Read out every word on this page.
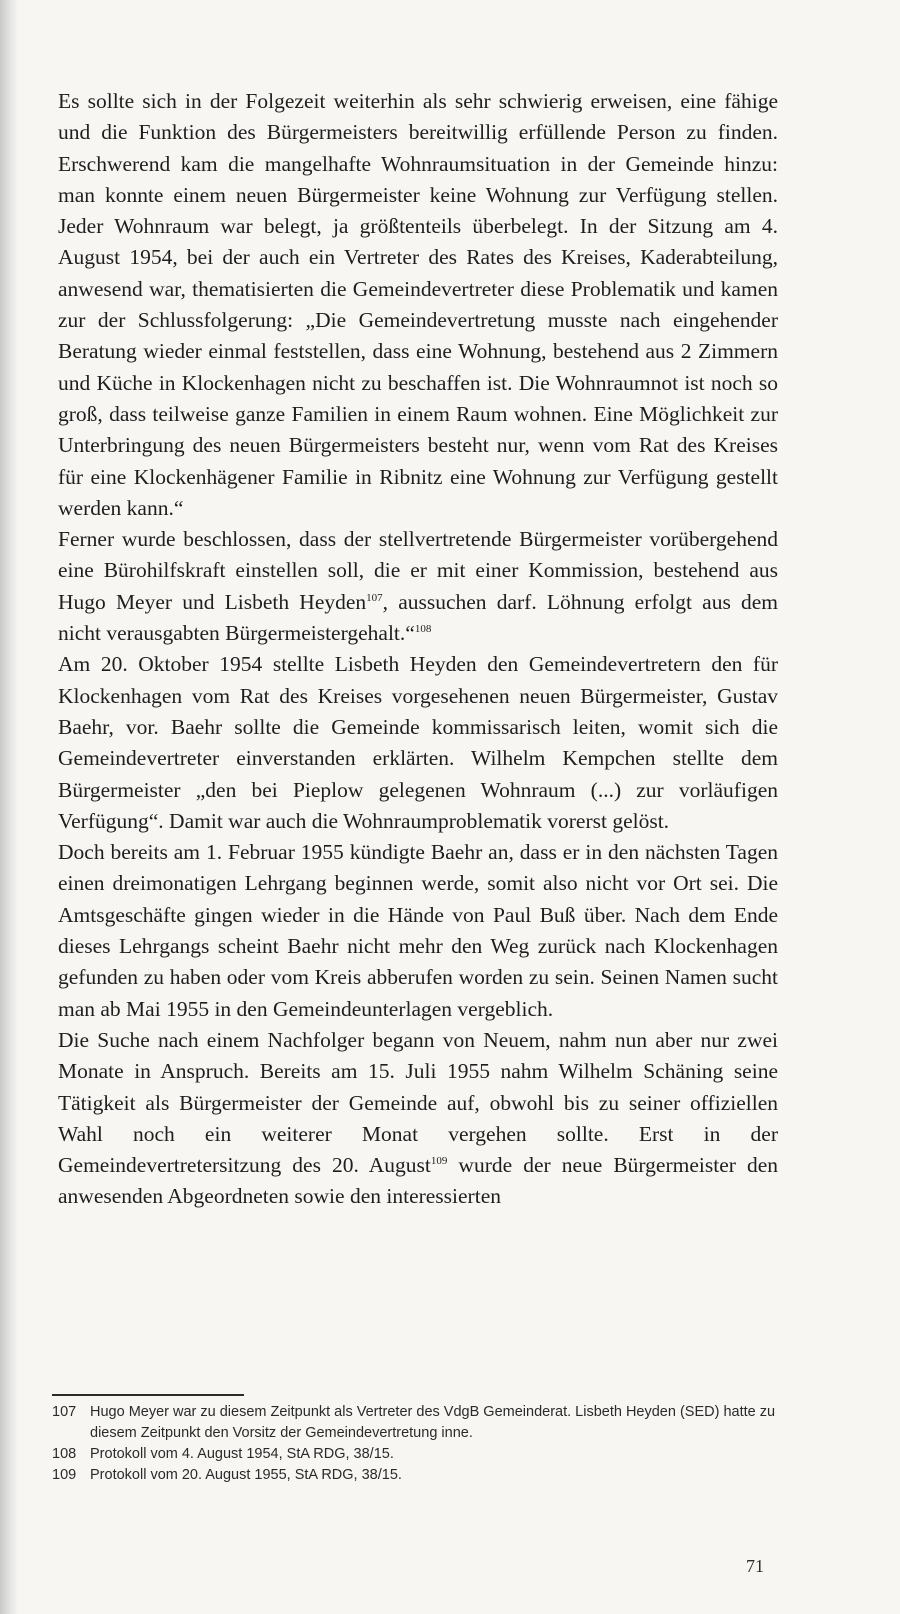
Es sollte sich in der Folgezeit weiterhin als sehr schwierig erweisen, eine fähige und die Funktion des Bürgermeisters bereitwillig erfüllende Person zu finden. Erschwerend kam die mangelhafte Wohnraumsituation in der Gemeinde hinzu: man konnte einem neuen Bürgermeister keine Wohnung zur Verfügung stellen. Jeder Wohnraum war belegt, ja größtenteils überbelegt. In der Sitzung am 4. August 1954, bei der auch ein Vertreter des Rates des Kreises, Kaderabteilung, anwesend war, thematisierten die Gemeindevertreter diese Problematik und kamen zur der Schlussfolgerung: „Die Gemeindevertretung musste nach eingehender Beratung wieder einmal feststellen, dass eine Wohnung, bestehend aus 2 Zimmern und Küche in Klockenhagen nicht zu beschaffen ist. Die Wohnraumnot ist noch so groß, dass teilweise ganze Familien in einem Raum wohnen. Eine Möglichkeit zur Unterbringung des neuen Bürgermeisters besteht nur, wenn vom Rat des Kreises für eine Klockenhägener Familie in Ribnitz eine Wohnung zur Verfügung gestellt werden kann.“

Ferner wurde beschlossen, dass der stellvertretende Bürgermeister vorübergehend eine Bürohilfskraft einstellen soll, die er mit einer Kommission, bestehend aus Hugo Meyer und Lisbeth Heyden$^{107}$, aussuchen darf. Löhnung erfolgt aus dem nicht verausgabten Bürgermeistergehalt.“$^{108}$

Am 20. Oktober 1954 stellte Lisbeth Heyden den Gemeindevertretern den für Klockenhagen vom Rat des Kreises vorgesehenen neuen Bürgermeister, Gustav Baehr, vor. Baehr sollte die Gemeinde kommissarisch leiten, womit sich die Gemeindevertreter einverstanden erklärten. Wilhelm Kempchen stellte dem Bürgermeister „den bei Pieplow gelegenen Wohnraum (...) zur vorläufigen Verfügung“. Damit war auch die Wohnraumproblematik vorerst gelöst.

Doch bereits am 1. Februar 1955 kündigte Baehr an, dass er in den nächsten Tagen einen dreimonatigen Lehrgang beginnen werde, somit also nicht vor Ort sei. Die Amtsgeschäfte gingen wieder in die Hände von Paul Buß über. Nach dem Ende dieses Lehrgangs scheint Baehr nicht mehr den Weg zurück nach Klockenhagen gefunden zu haben oder vom Kreis abberufen worden zu sein. Seinen Namen sucht man ab Mai 1955 in den Gemeindeunterlagen vergeblich.

Die Suche nach einem Nachfolger begann von Neuem, nahm nun aber nur zwei Monate in Anspruch. Bereits am 15. Juli 1955 nahm Wilhelm Schäning seine Tätigkeit als Bürgermeister der Gemeinde auf, obwohl bis zu seiner offiziellen Wahl noch ein weiterer Monat vergehen sollte. Erst in der Gemeindevertretersitzung des 20. August$^{109}$ wurde der neue Bürgermeister den anwesenden Abgeordneten sowie den interessierten

107 Hugo Meyer war zu diesem Zeitpunkt als Vertreter des VdgB Gemeinderat. Lisbeth Heyden (SED) hatte zu diesem Zeitpunkt den Vorsitz der Gemeindevertretung inne.
108 Protokoll vom 4. August 1954, StA RDG, 38/15.
109 Protokoll vom 20. August 1955, StA RDG, 38/15.
71
